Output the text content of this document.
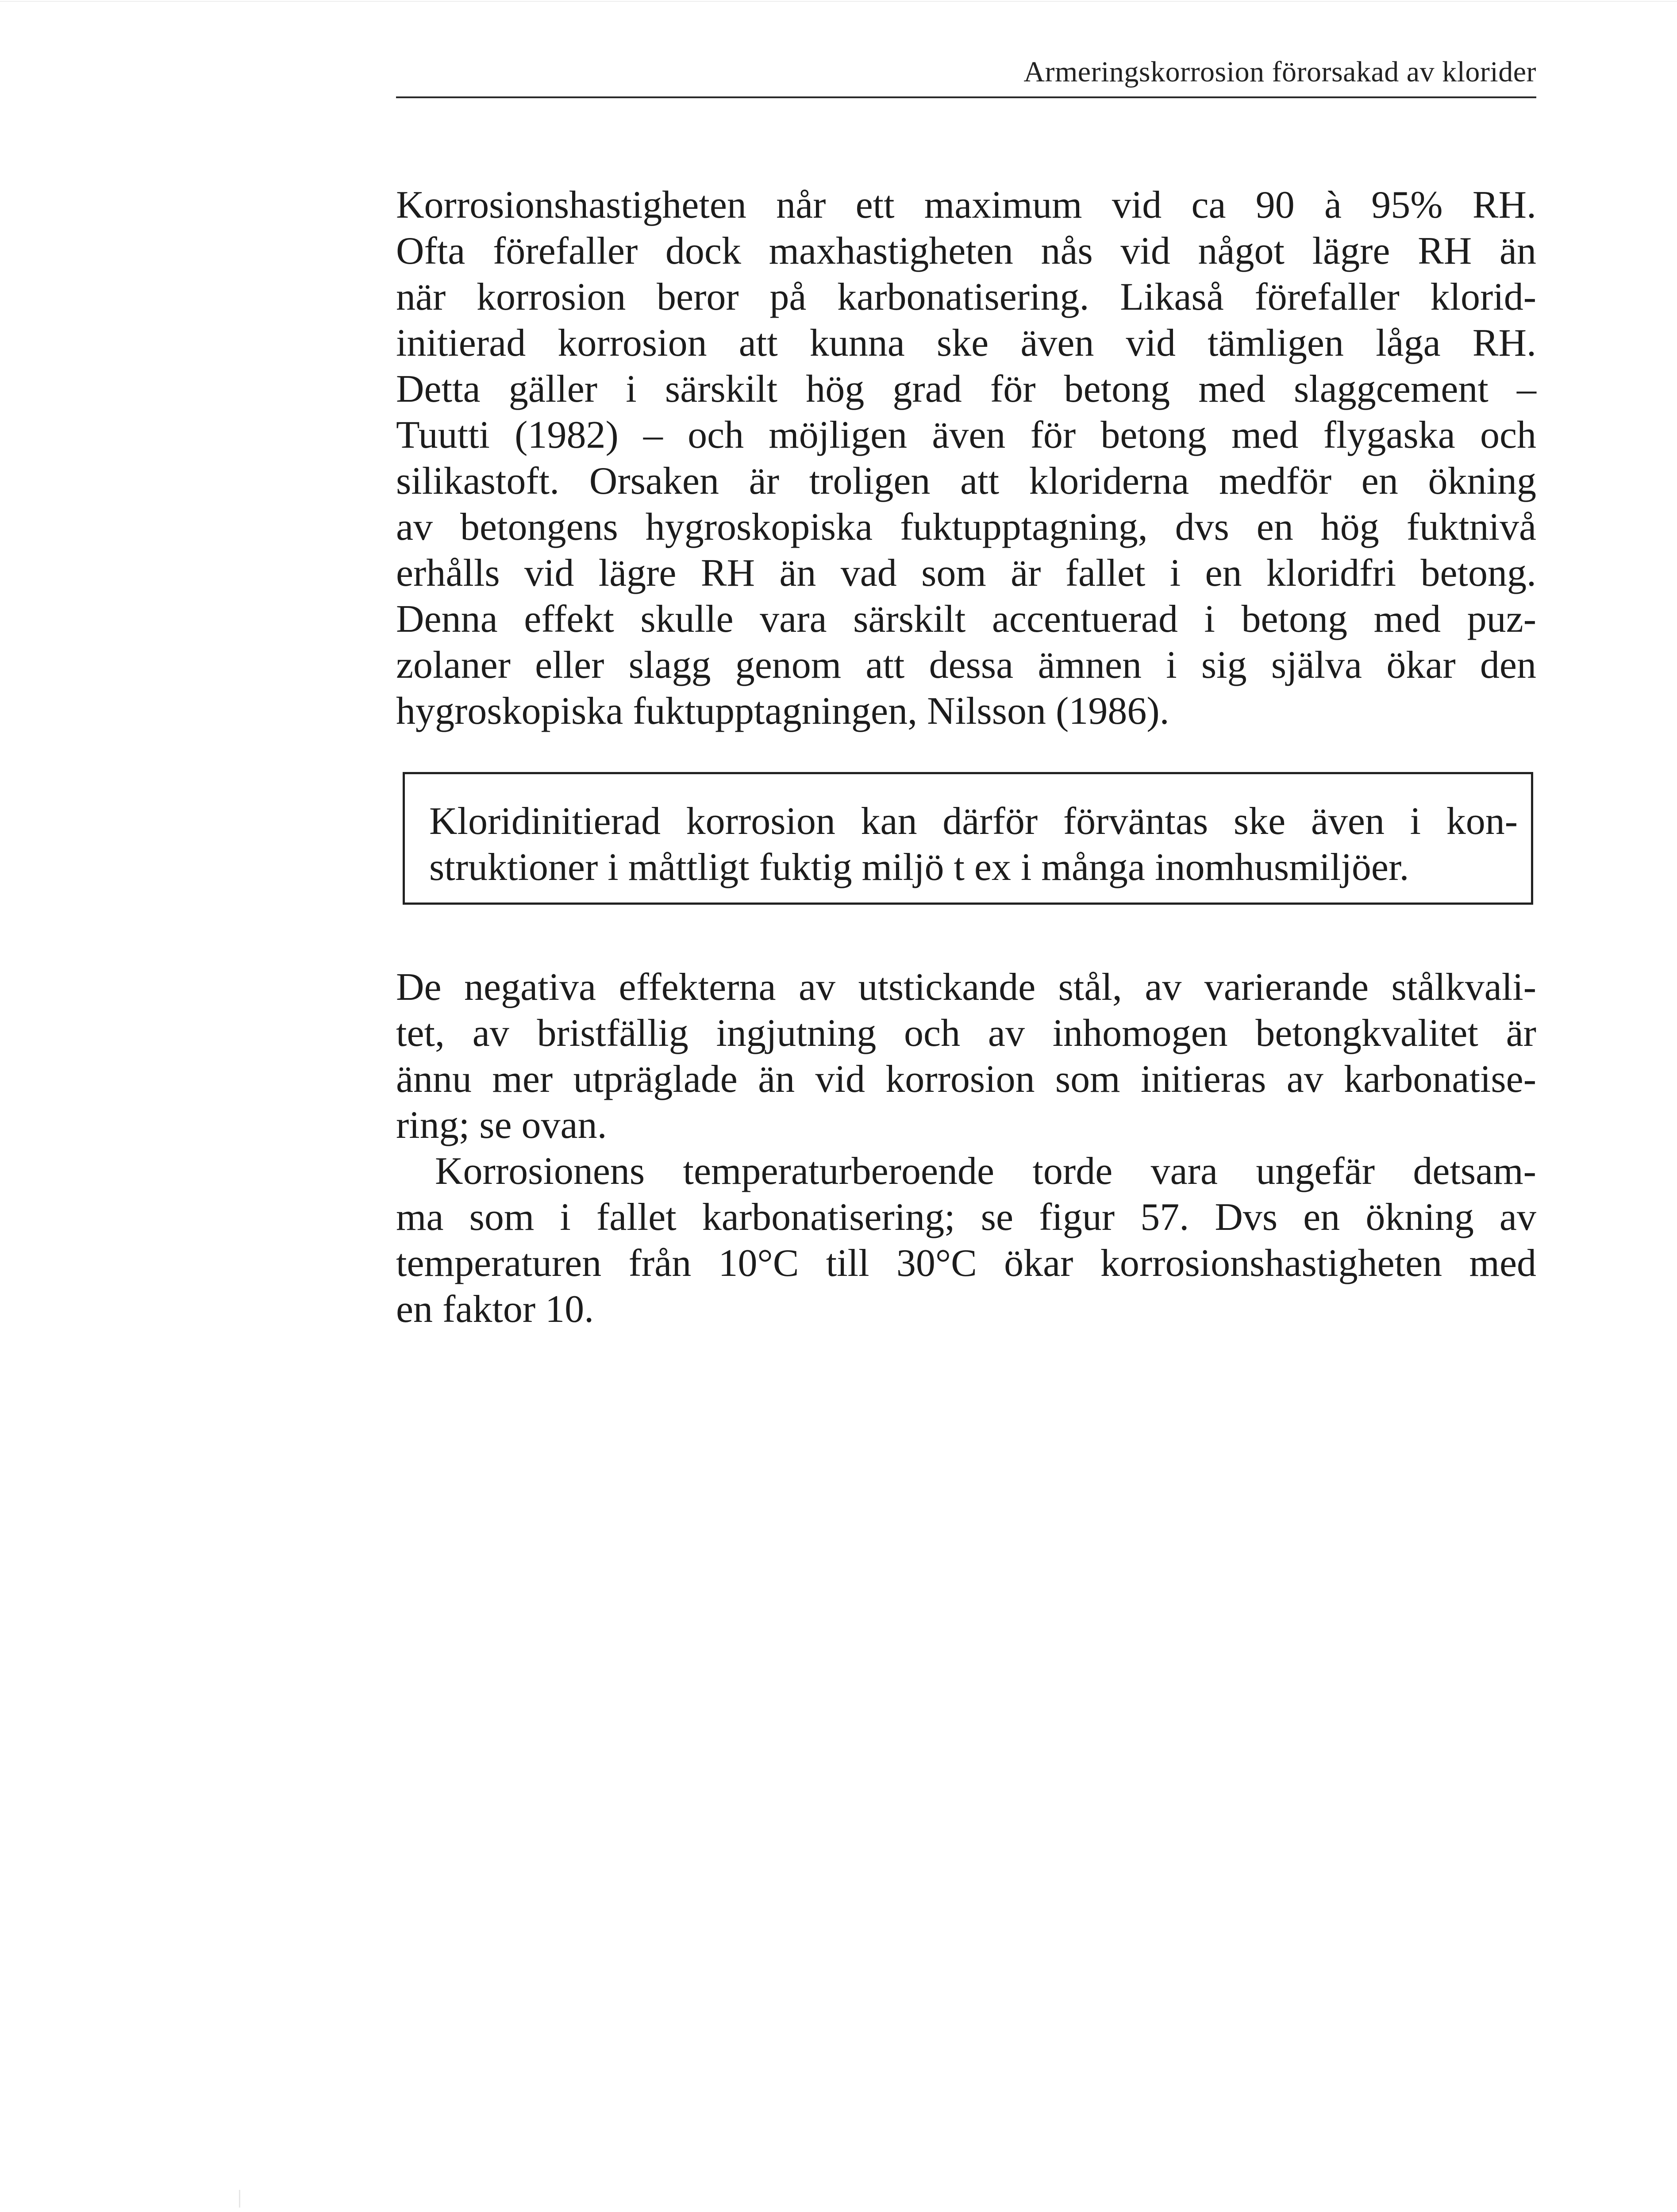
Armeringskorrosion förorsakad av klorider

Korrosionshastigheten når ett maximum vid ca 90 à 95% RH.
Ofta förefaller dock maxhastigheten nås vid något lägre RH än
när korrosion beror på karbonatisering. Likaså förefaller klorid-
initierad korrosion att kunna ske även vid tämligen låga RH.
Detta gäller i särskilt hög grad för betong med slaggcement –
Tuutti (1982) – och möjligen även för betong med flygaska och
silikastoft. Orsaken är troligen att kloriderna medför en ökning
av betongens hygroskopiska fuktupptagning, dvs en hög fuktnivå
erhålls vid lägre RH än vad som är fallet i en kloridfri betong.
Denna effekt skulle vara särskilt accentuerad i betong med puz-
zolaner eller slagg genom att dessa ämnen i sig själva ökar den
hygroskopiska fuktupptagningen, Nilsson (1986).

Kloridinitierad korrosion kan därför förväntas ske även i kon-
struktioner i måttligt fuktig miljö t ex i många inomhusmiljöer.

De negativa effekterna av utstickande stål, av varierande stålkvali-
tet, av bristfällig ingjutning och av inhomogen betongkvalitet är
ännu mer utpräglade än vid korrosion som initieras av karbonatise-
ring; se ovan.
Korrosionens temperaturberoende torde vara ungefär detsam-
ma som i fallet karbonatisering; se figur 57. Dvs en ökning av
temperaturen från 10°C till 30°C ökar korrosionshastigheten med
en faktor 10.
